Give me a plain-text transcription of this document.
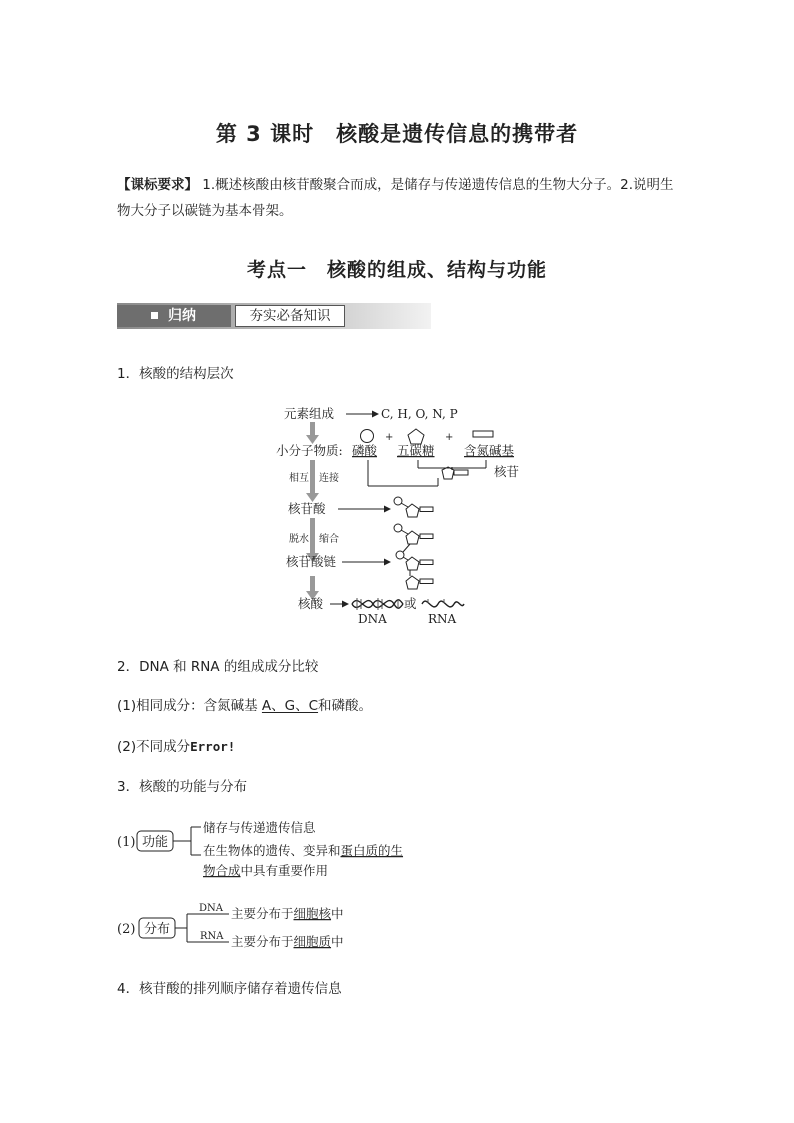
第 3 课时　核酸是遗传信息的携带者
【课标要求】 1.概述核酸由核苷酸聚合而成，是储存与传递遗传信息的生物大分子。2.说明生物大分子以碳链为基本骨架。
考点一　核酸的组成、结构与功能
归纳	夯实必备知识
1．核酸的结构层次
元素组成	C, H, O, N, P
+	+
小分子物质: 磷酸 五碳糖 含氮碱基
核苷
相互 连接
核苷酸
脱水 缩合
核苷酸链
核酸	或
DNA	RNA
2．DNA 和 RNA 的组成成分比较
(1)相同成分：含氮碱基 A、G、C和磷酸。
(2)不同成分Error!
3．核酸的功能与分布
(1) 功能
储存与传递遗传信息
在生物体的遗传、变异和蛋白质的生
物合成中具有重要作用
(2) 分布
DNA 主要分布于细胞核中
RNA 主要分布于细胞质中
4．核苷酸的排列顺序储存着遗传信息
